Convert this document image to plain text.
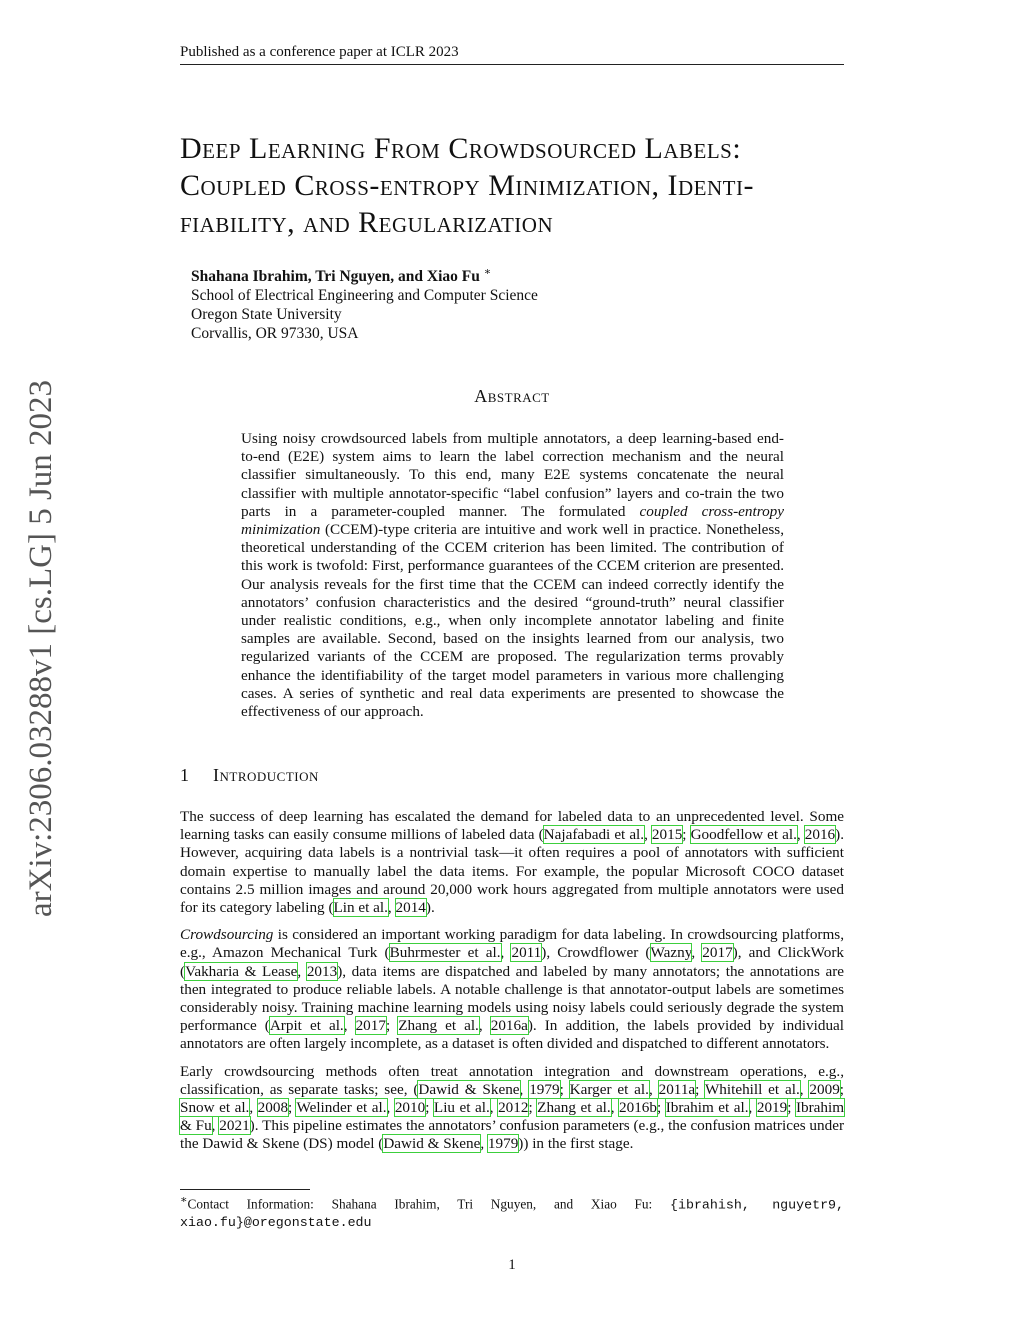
Published as a conference paper at ICLR 2023
arXiv:2306.03288v1 [cs.LG] 5 Jun 2023
Deep Learning From Crowdsourced Labels:
Coupled Cross-entropy Minimization, Identi-
fiability, and Regularization
Shahana Ibrahim, Tri Nguyen, and Xiao Fu ∗
School of Electrical Engineering and Computer Science
Oregon State University
Corvallis, OR 97330, USA
Abstract
Using noisy crowdsourced labels from multiple annotators, a deep learning-based end-to-end (E2E) system aims to learn the label correction mechanism and the neural classifier simultaneously. To this end, many E2E systems concatenate the neural classifier with multiple annotator-specific “label confusion” layers and co-train the two parts in a parameter-coupled manner. The formulated coupled cross-entropy minimization (CCEM)-type criteria are intuitive and work well in practice. Nonetheless, theoretical understanding of the CCEM criterion has been limited. The contribution of this work is twofold: First, performance guarantees of the CCEM criterion are presented. Our analysis reveals for the first time that the CCEM can indeed correctly identify the annotators’ confusion characteristics and the desired “ground-truth” neural classifier under realistic conditions, e.g., when only incomplete annotator labeling and finite samples are available. Second, based on the insights learned from our analysis, two regularized variants of the CCEM are proposed. The regularization terms provably enhance the identifiability of the target model parameters in various more challenging cases. A series of synthetic and real data experiments are presented to showcase the effectiveness of our approach.
1 Introduction

The success of deep learning has escalated the demand for labeled data to an unprecedented level. Some learning tasks can easily consume millions of labeled data (Najafabadi et al., 2015; Goodfellow et al., 2016). However, acquiring data labels is a nontrivial task—it often requires a pool of annotators with sufficient domain expertise to manually label the data items. For example, the popular Microsoft COCO dataset contains 2.5 million images and around 20,000 work hours aggregated from multiple annotators were used for its category labeling (Lin et al., 2014).

Crowdsourcing is considered an important working paradigm for data labeling. In crowdsourcing platforms, e.g., Amazon Mechanical Turk (Buhrmester et al., 2011), Crowdflower (Wazny, 2017), and ClickWork (Vakharia & Lease, 2013), data items are dispatched and labeled by many annotators; the annotations are then integrated to produce reliable labels. A notable challenge is that annotator-output labels are sometimes considerably noisy. Training machine learning models using noisy labels could seriously degrade the system performance (Arpit et al., 2017; Zhang et al., 2016a). In addition, the labels provided by individual annotators are often largely incomplete, as a dataset is often divided and dispatched to different annotators.

Early crowdsourcing methods often treat annotation integration and downstream operations, e.g., classification, as separate tasks; see, (Dawid & Skene, 1979; Karger et al., 2011a; Whitehill et al., 2009; Snow et al., 2008; Welinder et al., 2010; Liu et al., 2012; Zhang et al., 2016b; Ibrahim et al., 2019; Ibrahim & Fu, 2021). This pipeline estimates the annotators’ confusion parameters (e.g., the confusion matrices under the Dawid & Skene (DS) model (Dawid & Skene, 1979)) in the first stage.

∗Contact Information: Shahana Ibrahim, Tri Nguyen, and Xiao Fu: {ibrahish, nguyetr9, xiao.fu}@oregonstate.edu
1
